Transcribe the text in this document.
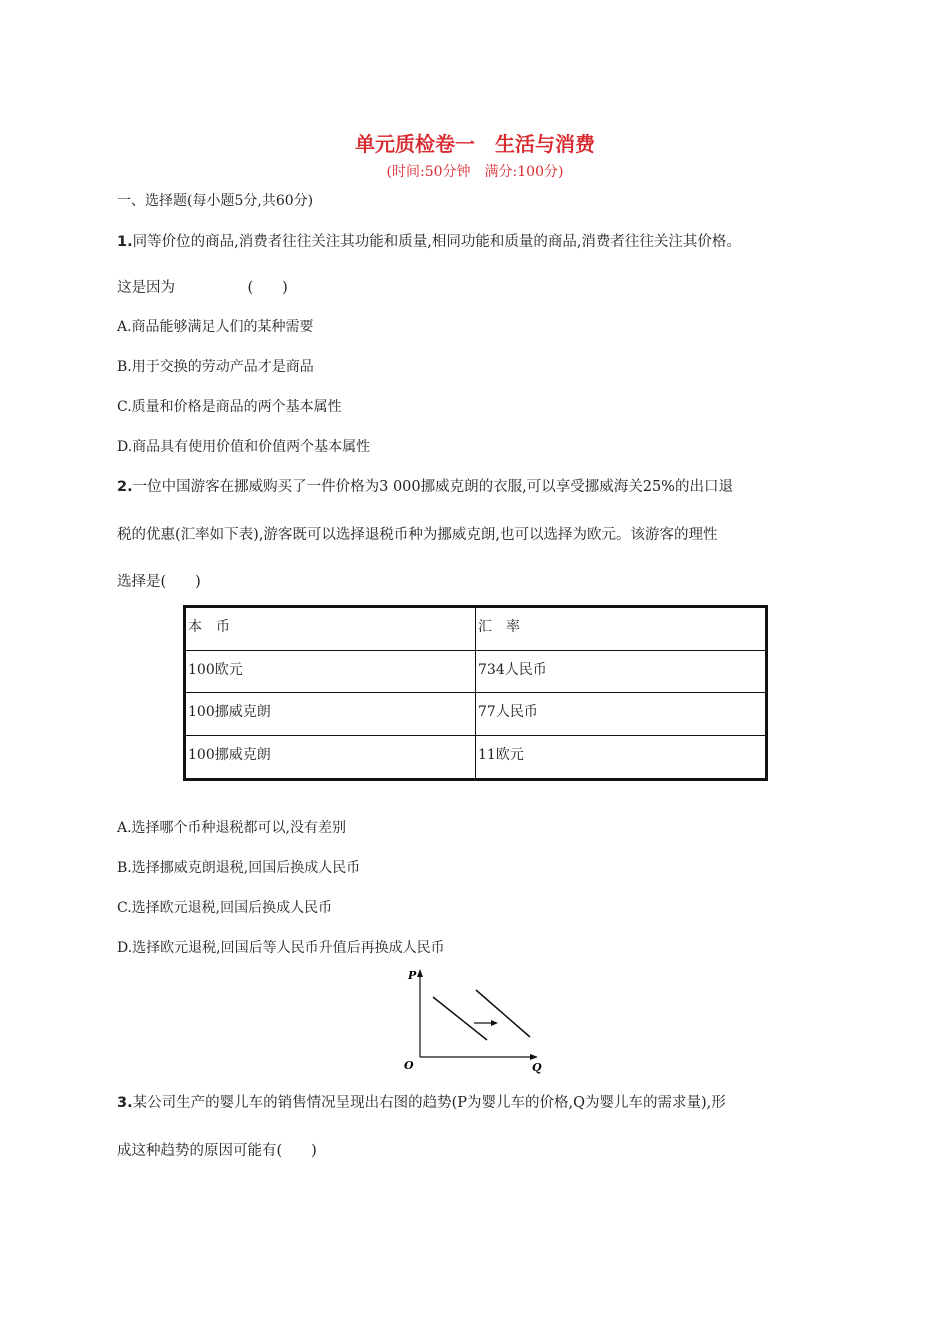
单元质检卷一　生活与消费
(时间:50分钟　满分:100分)
一、选择题(每小题5分,共60分)
1.同等价位的商品,消费者往往关注其功能和质量,相同功能和质量的商品,消费者往往关注其价格。
这是因为　　　　　(　　)
A.商品能够满足人们的某种需要
B.用于交换的劳动产品才是商品
C.质量和价格是商品的两个基本属性
D.商品具有使用价值和价值两个基本属性
2.一位中国游客在挪威购买了一件价格为3 000挪威克朗的衣服,可以享受挪威海关25%的出口退
税的优惠(汇率如下表),游客既可以选择退税币种为挪威克朗,也可以选择为欧元。该游客的理性
选择是(　　)
本　币	汇　率
100欧元	734人民币
100挪威克朗	77人民币
100挪威克朗	11欧元
A.选择哪个币种退税都可以,没有差别
B.选择挪威克朗退税,回国后换成人民币
C.选择欧元退税,回国后换成人民币
D.选择欧元退税,回国后等人民币升值后再换成人民币
P
Q
O
3.某公司生产的婴儿车的销售情况呈现出右图的趋势(P为婴儿车的价格,Q为婴儿车的需求量),形
成这种趋势的原因可能有(　　)
